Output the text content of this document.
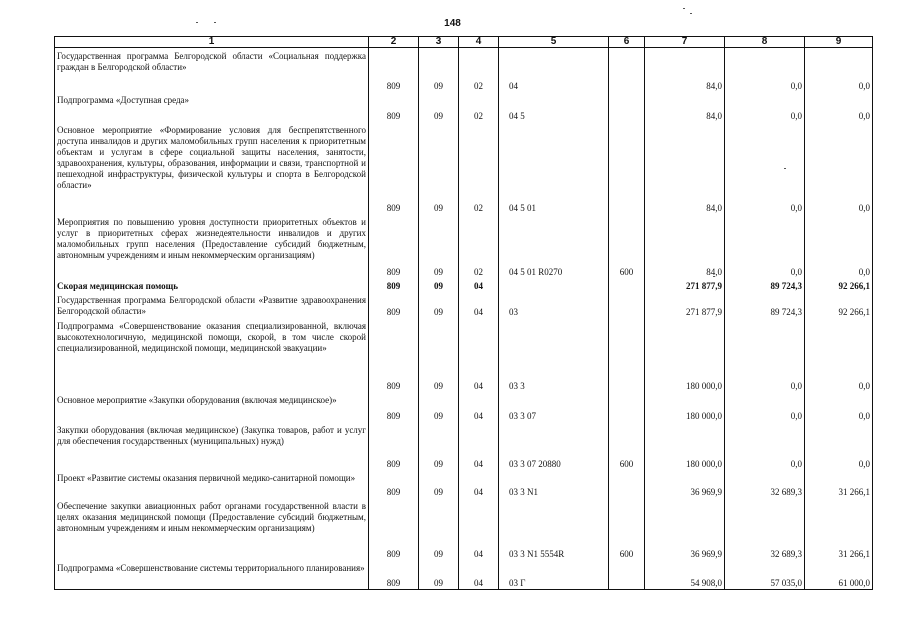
148
1	2	3	4	5	6	7	8	9
Государственная программа Белгородской области «Социальная поддержка граждан в Белгородской области»	809	09	02	04		84,0	0,0	0,0
Подпрограмма «Доступная среда»	809	09	02	04 5		84,0	0,0	0,0
Основное мероприятие «Формирование условия для беспрепятственного доступа инвалидов и других маломобильных групп населения к приоритетным объектам и услугам в сфере социальной защиты населения, занятости, здравоохранения, культуры, образования, информации и связи, транспортной и пешеходной инфраструктуры, физической культуры и спорта в Белгородской области»	809	09	02	04 5 01		84,0	0,0	0,0
Мероприятия по повышению уровня доступности приоритетных объектов и услуг в приоритетных сферах жизнедеятельности инвалидов и других маломобильных групп населения (Предоставление субсидий бюджетным, автономным учреждениям и иным некоммерческим организациям)	809	09	02	04 5 01 R0270	600	84,0	0,0	0,0
Скорая медицинская помощь	809	09	04			271 877,9	89 724,3	92 266,1
Государственная программа Белгородской области «Развитие здравоохранения Белгородской области»	809	09	04	03		271 877,9	89 724,3	92 266,1
Подпрограмма «Совершенствование оказания специализированной, включая высокотехнологичную, медицинской помощи, скорой, в том числе скорой специализированной, медицинской помощи, медицинской эвакуации»	809	09	04	03 3		180 000,0	0,0	0,0
Основное мероприятие «Закупки оборудования (включая медицинское)»	809	09	04	03 3 07		180 000,0	0,0	0,0
Закупки оборудования (включая медицинское) (Закупка товаров, работ и услуг для обеспечения государственных (муниципальных) нужд)	809	09	04	03 3 07 20880	600	180 000,0	0,0	0,0
Проект «Развитие системы оказания первичной медико-санитарной помощи»	809	09	04	03 3 N1		36 969,9	32 689,3	31 266,1
Обеспечение закупки авиационных работ органами государственной власти в целях оказания медицинской помощи (Предоставление субсидий бюджетным, автономным учреждениям и иным некоммерческим организациям)	809	09	04	03 3 N1 5554R	600	36 969,9	32 689,3	31 266,1
Подпрограмма «Совершенствование системы территориального планирования»	809	09	04	03 Г		54 908,0	57 035,0	61 000,0
